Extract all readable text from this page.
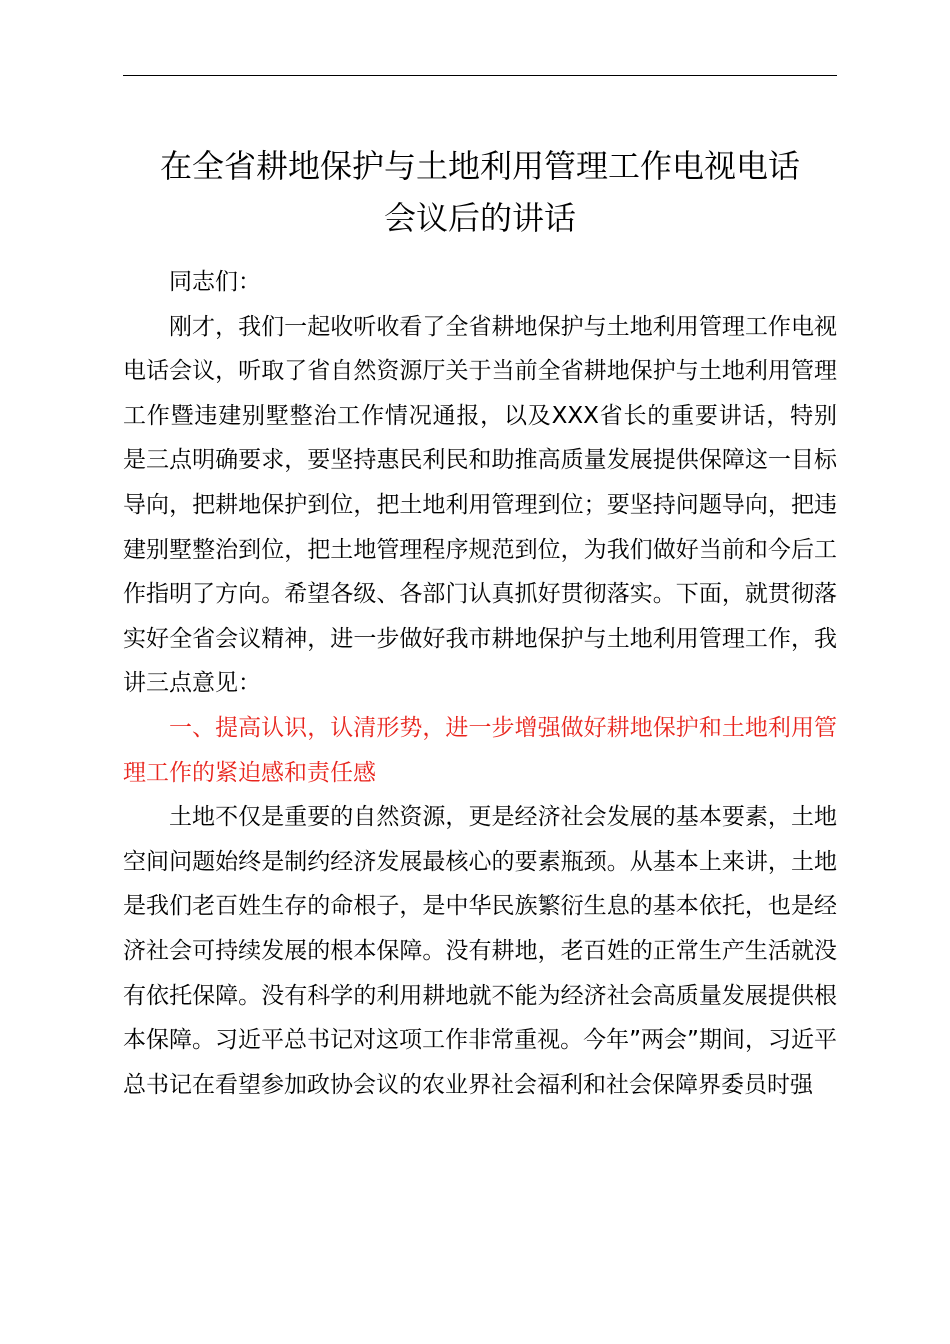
在全省耕地保护与土地利用管理工作电视电话
会议后的讲话

同志们：

刚才，我们一起收听收看了全省耕地保护与土地利用管理工作电视电话会议，听取了省自然资源厅关于当前全省耕地保护与土地利用管理工作暨违建别墅整治工作情况通报，以及XXX省长的重要讲话，特别是三点明确要求，要坚持惠民利民和助推高质量发展提供保障这一目标导向，把耕地保护到位，把土地利用管理到位；要坚持问题导向，把违建别墅整治到位，把土地管理程序规范到位，为我们做好当前和今后工作指明了方向。希望各级、各部门认真抓好贯彻落实。下面，就贯彻落实好全省会议精神，进一步做好我市耕地保护与土地利用管理工作，我讲三点意见：

一、提高认识，认清形势，进一步增强做好耕地保护和土地利用管理工作的紧迫感和责任感

土地不仅是重要的自然资源，更是经济社会发展的基本要素，土地空间问题始终是制约经济发展最核心的要素瓶颈。从基本上来讲，土地是我们老百姓生存的命根子，是中华民族繁衍生息的基本依托，也是经济社会可持续发展的根本保障。没有耕地，老百姓的正常生产生活就没有依托保障。没有科学的利用耕地就不能为经济社会高质量发展提供根本保障。习近平总书记对这项工作非常重视。今年”两会”期间，习近平总书记在看望参加政协会议的农业界社会福利和社会保障界委员时强
